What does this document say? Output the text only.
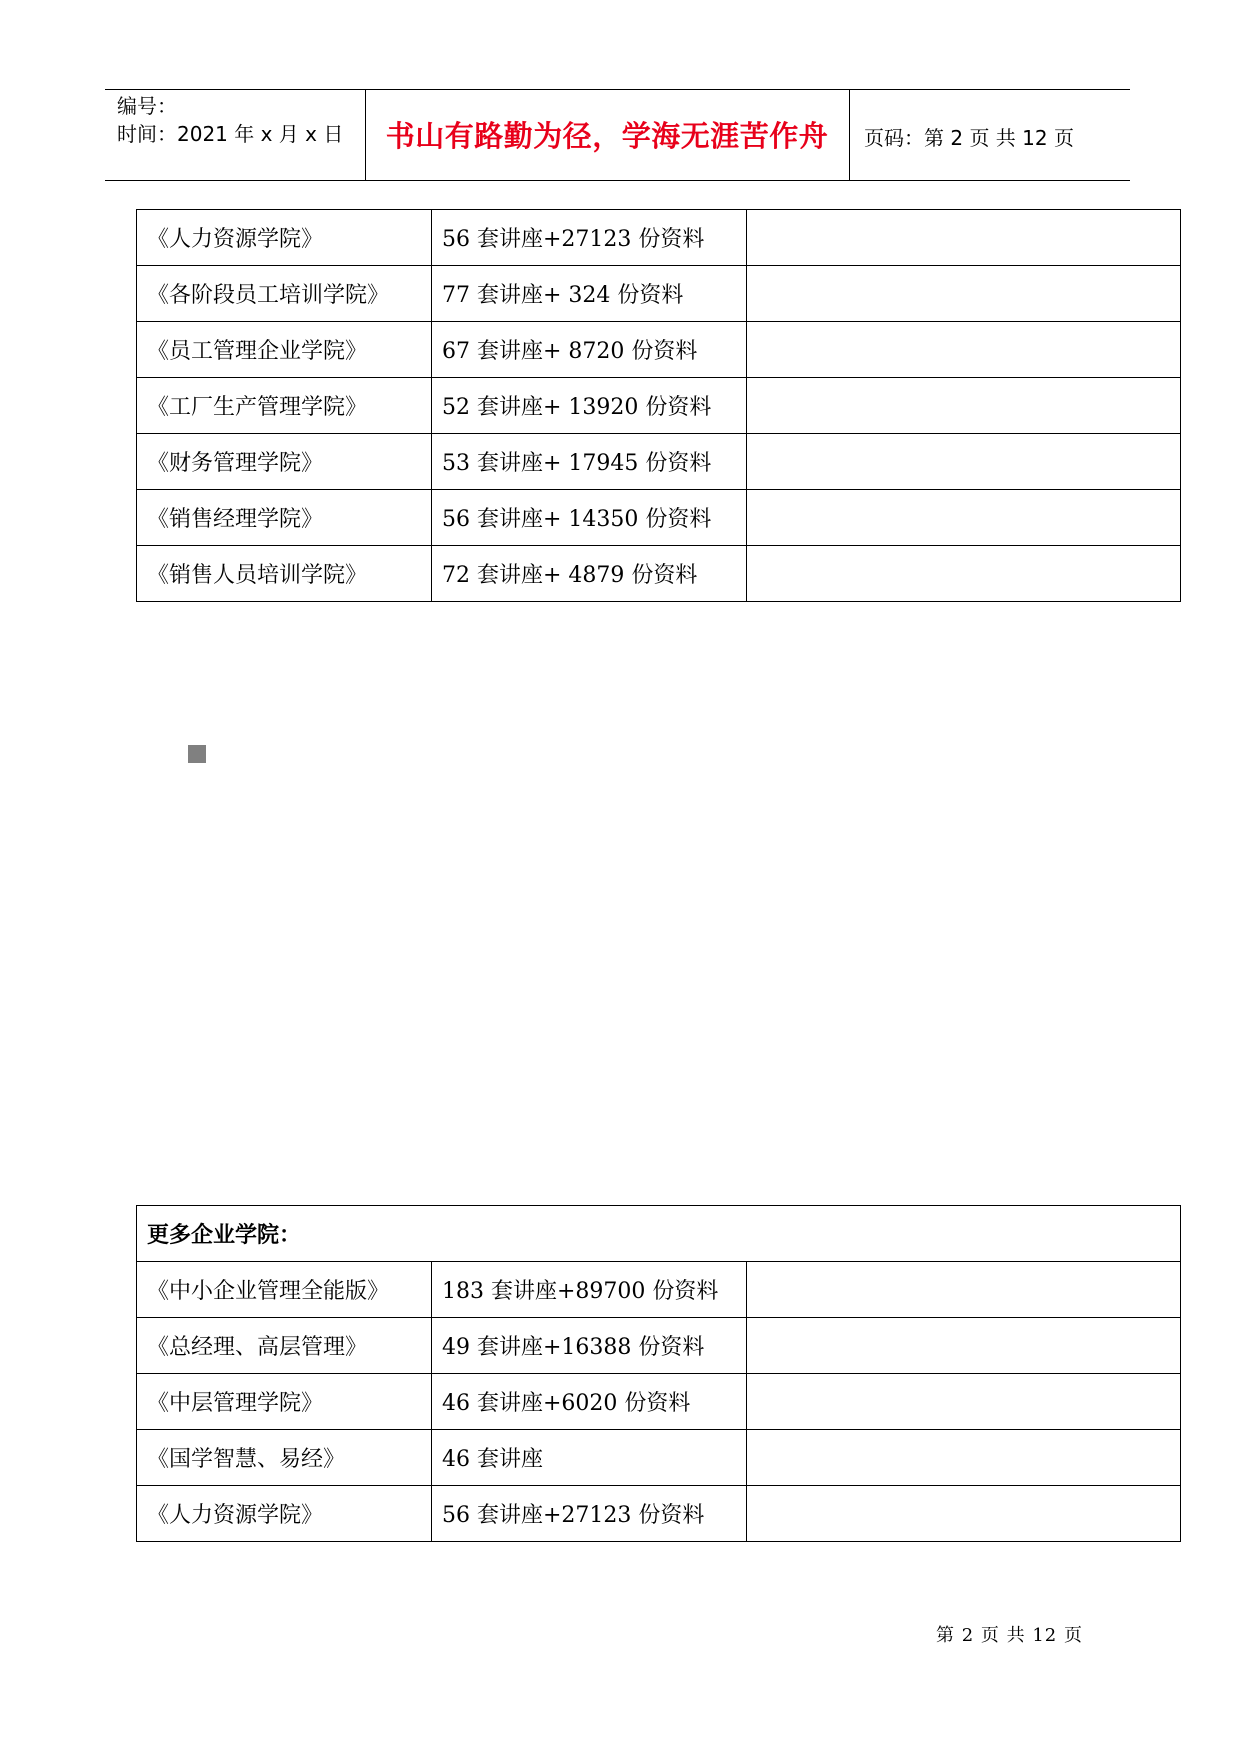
编号：
时间：2021 年 x 月 x 日	书山有路勤为径，学海无涯苦作舟	页码：第 2 页 共 12 页
《人力资源学院》	56 套讲座+27123 份资料	
《各阶段员工培训学院》	77 套讲座+ 324 份资料	
《员工管理企业学院》	67 套讲座+ 8720 份资料	
《工厂生产管理学院》	52 套讲座+ 13920 份资料	
《财务管理学院》	53 套讲座+ 17945 份资料	
《销售经理学院》	56 套讲座+ 14350 份资料	
《销售人员培训学院》	72 套讲座+ 4879 份资料	
更多企业学院：		
《中小企业管理全能版》	183 套讲座+89700 份资料	
《总经理、高层管理》	49 套讲座+16388 份资料	
《中层管理学院》	46 套讲座+6020 份资料	
《国学智慧、易经》	46 套讲座	
《人力资源学院》	56 套讲座+27123 份资料	
第 2 页 共 12 页
